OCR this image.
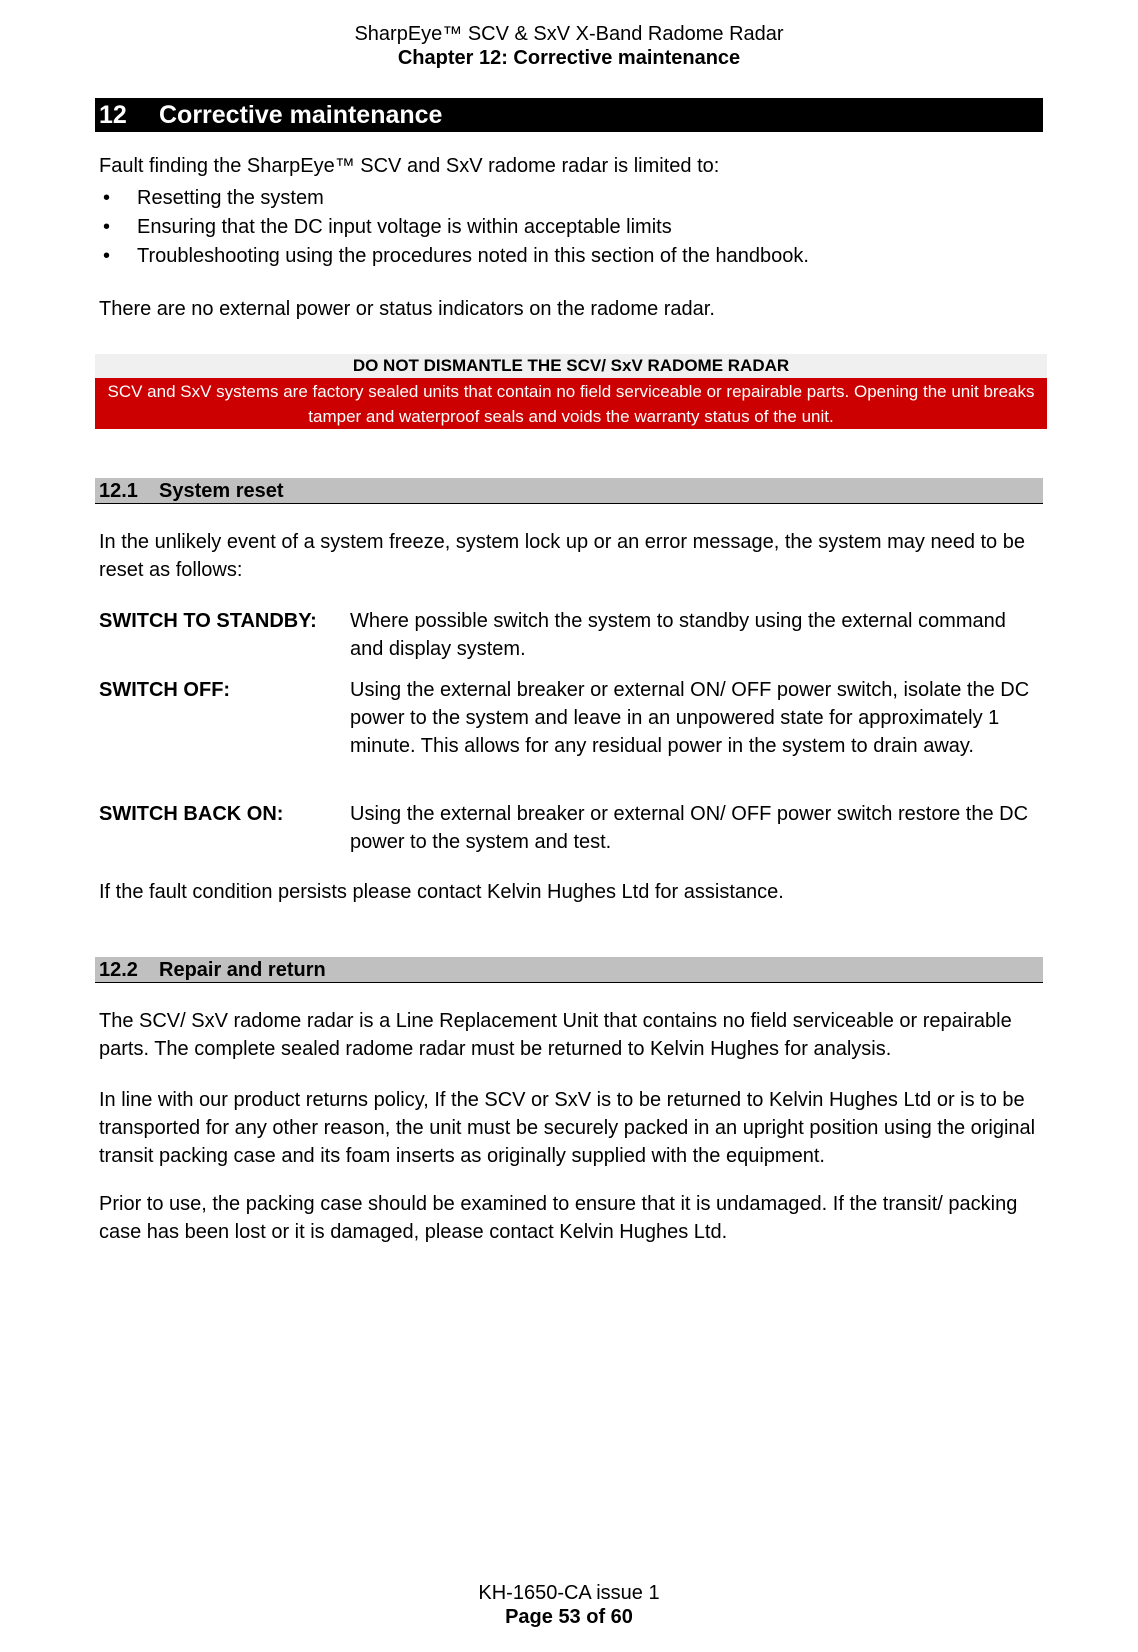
SharpEye™ SCV & SxV X-Band Radome Radar
Chapter 12: Corrective maintenance
12 Corrective maintenance

Fault finding the SharpEye™ SCV and SxV radome radar is limited to:

• Resetting the system
• Ensuring that the DC input voltage is within acceptable limits
• Troubleshooting using the procedures noted in this section of the handbook.

There are no external power or status indicators on the radome radar.

DO NOT DISMANTLE THE SCV/ SxV RADOME RADAR
SCV and SxV systems are factory sealed units that contain no field serviceable or repairable parts. Opening the unit breaks tamper and waterproof seals and voids the warranty status of the unit.
12.1 System reset

In the unlikely event of a system freeze, system lock up or an error message, the system may need to be reset as follows:

SWITCH TO STANDBY:	Where possible switch the system to standby using the external command and display system.
SWITCH OFF:	Using the external breaker or external ON/ OFF power switch, isolate the DC power to the system and leave in an unpowered state for approximately 1 minute. This allows for any residual power in the system to drain away.
SWITCH BACK ON:	Using the external breaker or external ON/ OFF power switch restore the DC power to the system and test.

If the fault condition persists please contact Kelvin Hughes Ltd for assistance.

12.2 Repair and return

The SCV/ SxV radome radar is a Line Replacement Unit that contains no field serviceable or repairable parts. The complete sealed radome radar must be returned to Kelvin Hughes for analysis.

In line with our product returns policy, If the SCV or SxV is to be returned to Kelvin Hughes Ltd or is to be transported for any other reason, the unit must be securely packed in an upright position using the original transit packing case and its foam inserts as originally supplied with the equipment.

Prior to use, the packing case should be examined to ensure that it is undamaged. If the transit/ packing case has been lost or it is damaged, please contact Kelvin Hughes Ltd.

KH-1650-CA issue 1
Page 53 of 60
